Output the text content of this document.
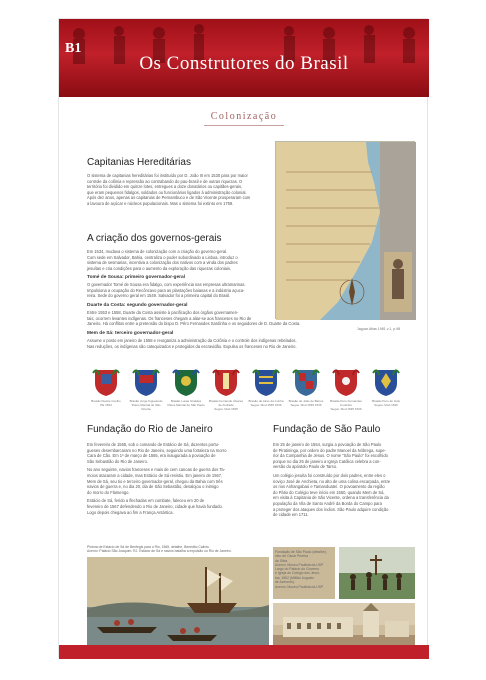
B1
Os Construtores do Brasil
Colonização
Capitanias Hereditárias
O sistema de capitanias hereditárias foi instituído por D. João III em 1530 para por maior
controle da colônia e repressão ao contrabando do pau-brasil e de outras riquezas. O
território foi dividido em quinze lotes, entregues a doze donatários ou capitães-gerais,
que eram pequenos fidalgos, soldados ou funcionários ligados à administração colonial.
Após dez anos, apenas as capitanias de Pernambuco e de São Vicente prosperaram com
a lavoura de açúcar e núcleos populacionais. Mas o sistema foi extinto em 1759.
A criação dos governos-gerais
Em 1534, mudava o sistema de colonização com a criação do governo-geral.
Com sede em Salvador, Bahia, centraliza o poder subordinado a Lisboa, introduz o
sistema de sesmarias, incentiva a colonização dos nativos com a vinda dos padres
jesuítas e cria condições para o aumento da exploração das riquezas coloniais.
Tomé de Sousa: primeiro governador-geral
O governador Tomé de Sousa era fidalgo, com experiência nas empresas ultramarinas.
Impulsiona a ocupação do Recôncavo para as plantações baianas e a indústria açuca-
reira. Sede do governo geral em 1549. Salvador foi a primeira capital do Brasil.
Duarte da Costa: segundo governador-geral
Entre 1553 e 1558, Duarte da Costa assiste à pacificação dos órgãos governamen-
tais, ocorrem levantes indígenas. Os franceses chegam a aliar-se aos franceses no Rio de
Janeiro. Há conflitos entre a pretensão do bispo D. Pêro Fernandes Sardinha e os seguidores de D. Duarte da Costa.
Mem de Sá: terceiro governador-geral
Assume o posto em janeiro de 1558 e reorganiza a administração da Colônia e o controle dos indígenas rebelados.
Nas reduções, os indígenas são catequizados e protegidos da escravidão. Expulsa os franceses no Rio de Janeiro.
Jaguar Atlas 1981 v.1, p.98
Brasão Duarte Coelho
PE 1534
Brasão Jorge Figueiredo
Ilhéus Marcial de São Vicente
Brasão Lucas Giraldes
Ilhéus Marcial de São Paulo
Brasão Fernando Álvares de Andrade
Segos. Mod 1535
Brasão de Aires da Cunha
Segos. Mod 1535 1536
Brasão de João de Barros
Segos. Mod 1535 1536
Brasão Pero Fernandes Coutinho
Segos. Mod 1535 1536
Brasão Pero de Góis
Segos. Mod 1536
Fundação do Rio de Janeiro
Em fevereiro de 1565, sob o comando de Estácio de Sá, duzentos portu-
gueses desembarcaram no Rio de Janeiro, seguindo uma fortaleza na morro
Cara de Cão. Em 1º de março de 1565, era inaugurada a povoação de
São Sebastião do Rio de Janeiro.
No ano seguinte, navios franceses e mais de cem canoas de guerra dos Ta-
moios atacaram a cidade, mas Estácio de Sá resistiu. Em janeiro de 1567,
Mem de Sá, seu tio e terceiro governador-geral, chegou da Bahia com três
navios de guerra e, no dia 20, dia de São Sebastião, desalojou o inimigo
do morro do Flamengo.
Estácio de Sá, ferido a flechadas em combate, faleceu em 20 de
fevereiro de 1567 defendendo o Rio de Janeiro, cidade que havia fundado.
Logo depois chegava ao fim a França Antártica.
Pintura de Estácio de Sá de Benfegis para o Rio, 1565. detalhe, Benedito Calixto.
Acervo: Palácio São Joaquim. RJ. Estácio de Sá e navios batalha a expulsão ou Rio de Janeiro.
Fundação de São Paulo
Em 25 de janeiro de 1554, surgia a povoação de São Paulo
de Piratininga, por ordem do padre Manoel da Nóbrega, supe-
rior da Companhia de Jesus. O nome "São Paulo" foi escolhido
porque no dia 25 de janeiro a Igreja Católica celebra a con-
versão do apóstolo Paulo de Tarso.
Um colégio jesuíta foi construído por dois padres, entre eles o
noviço José de Anchieta, no alto de uma colina escarpada, entre
os rios Anhangabaú e Tamanduateí. O povoamento da região
do Pátio do Colégio teve início em 1560, quando Mem de Sá,
em visita à Capitania de São Vicente, ordena a transferência da
população da Vila de Santo André da Borda do Campo para
a proteger dos ataques dos índios. São Paulo adquire condição
de cidade em 1711.
Fundação de São Paulo (detalhe), óleo de Oscar Pereira
da Silva.
Acervo: Museu Paulista da USP
Largo do Palácio do Governo
e Igreja do Colégio dos Jesuí-
tas, 1862 (Militão Augusto
de Azevedo).
Acervo: Museu Paulista da USP
